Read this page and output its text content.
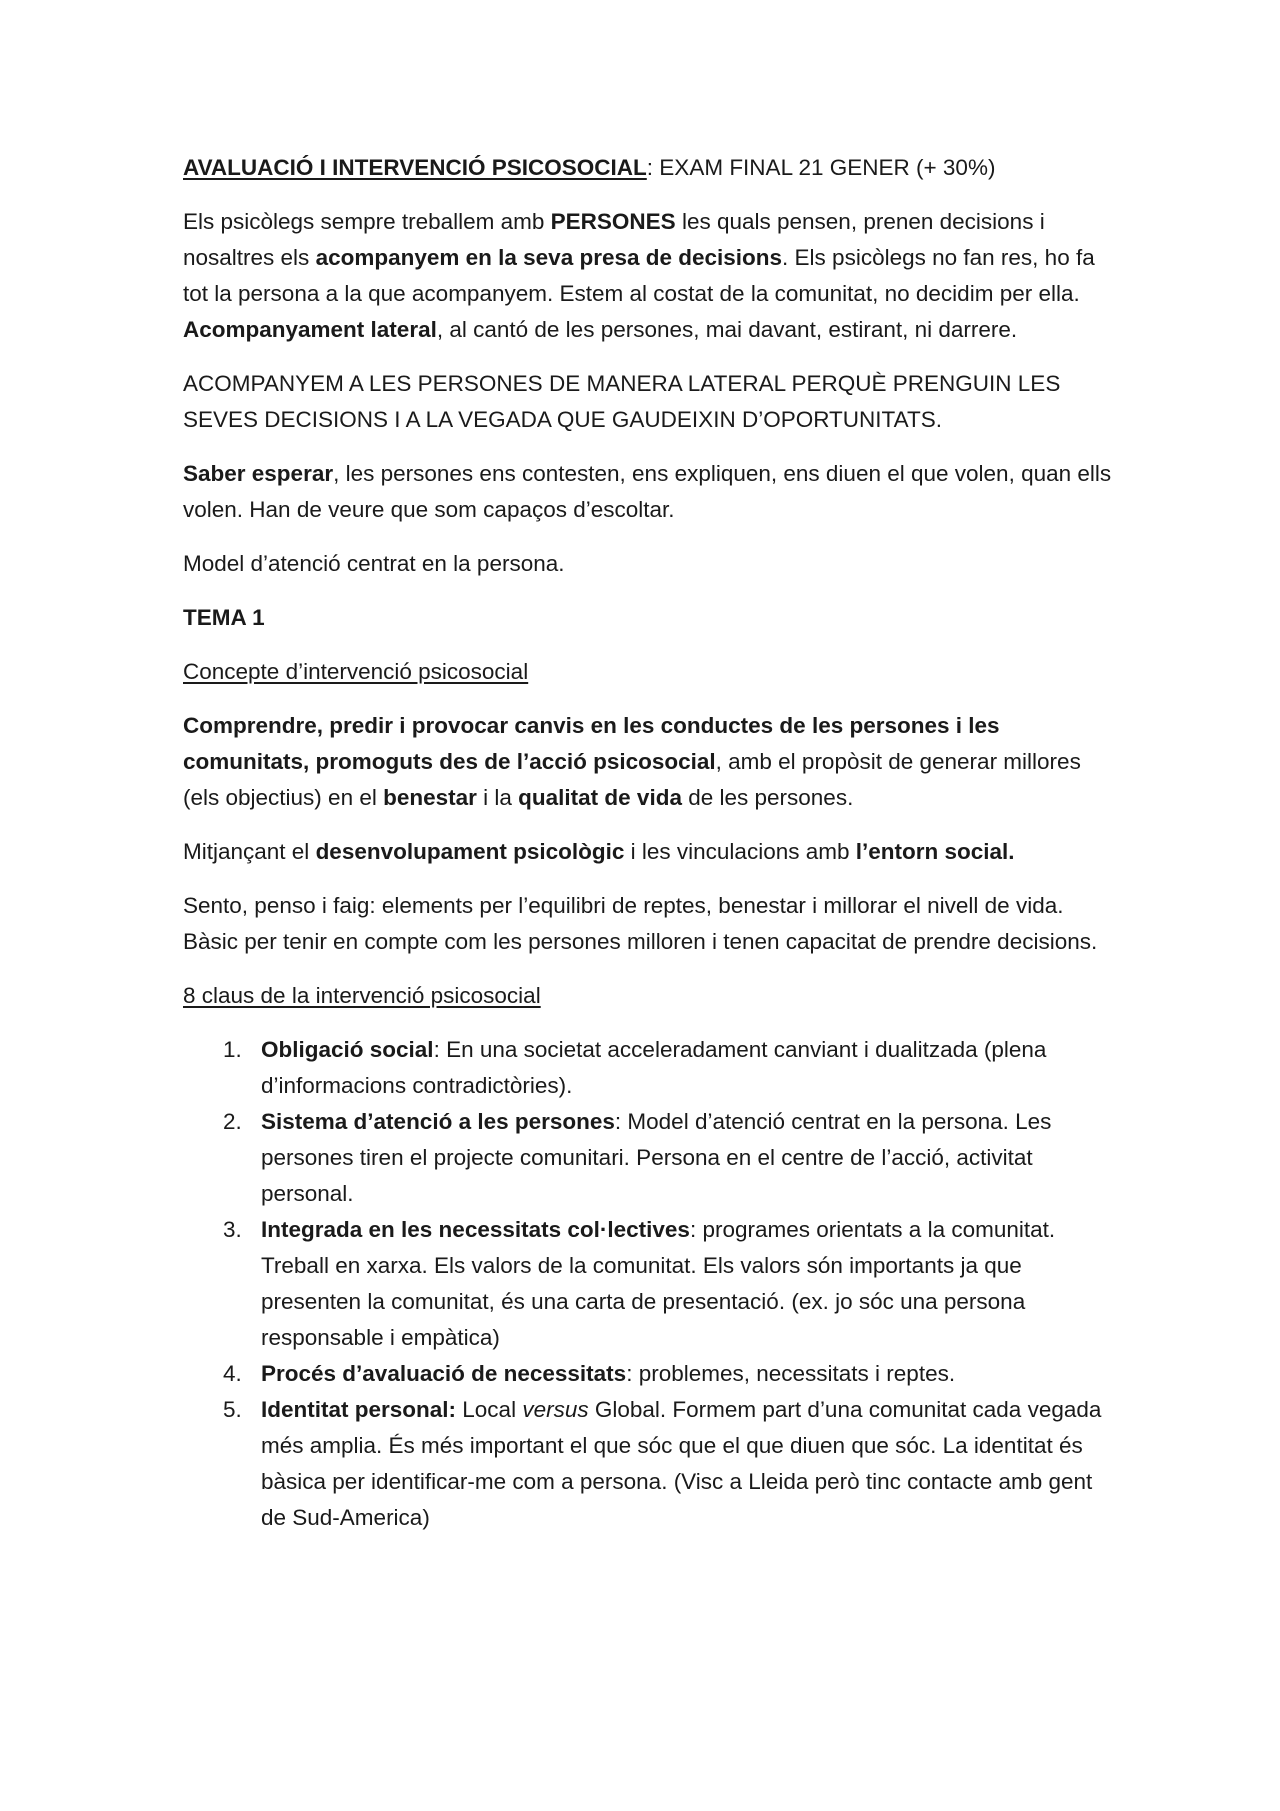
AVALUACIÓ I INTERVENCIÓ PSICOSOCIAL: EXAM FINAL 21 GENER (+ 30%)

Els psicòlegs sempre treballem amb PERSONES les quals pensen, prenen decisions i nosaltres els acompanyem en la seva presa de decisions. Els psicòlegs no fan res, ho fa tot la persona a la que acompanyem. Estem al costat de la comunitat, no decidim per ella. Acompanyament lateral, al cantó de les persones, mai davant, estirant, ni darrere.

ACOMPANYEM A LES PERSONES DE MANERA LATERAL PERQUÈ PRENGUIN LES SEVES DECISIONS I A LA VEGADA QUE GAUDEIXIN D’OPORTUNITATS.

Saber esperar, les persones ens contesten, ens expliquen, ens diuen el que volen, quan ells volen. Han de veure que som capaços d’escoltar.

Model d’atenció centrat en la persona.

TEMA 1

Concepte d’intervenció psicosocial

Comprendre, predir i provocar canvis en les conductes de les persones i les comunitats, promoguts des de l’acció psicosocial, amb el propòsit de generar millores (els objectius) en el benestar i la qualitat de vida de les persones.

Mitjançant el desenvolupament psicològic i les vinculacions amb l’entorn social.

Sento, penso i faig: elements per l’equilibri de reptes, benestar i millorar el nivell de vida. Bàsic per tenir en compte com les persones milloren i tenen capacitat de prendre decisions.

8 claus de la intervenció psicosocial

1. Obligació social: En una societat acceleradament canviant i dualitzada (plena d’informacions contradictòries).
2. Sistema d’atenció a les persones: Model d’atenció centrat en la persona. Les persones tiren el projecte comunitari. Persona en el centre de l’acció, activitat personal.
3. Integrada en les necessitats col·lectives: programes orientats a la comunitat. Treball en xarxa. Els valors de la comunitat. Els valors són importants ja que presenten la comunitat, és una carta de presentació. (ex. jo sóc una persona responsable i empàtica)
4. Procés d’avaluació de necessitats: problemes, necessitats i reptes.
5. Identitat personal: Local versus Global. Formem part d’una comunitat cada vegada més amplia. És més important el que sóc que el que diuen que sóc. La identitat és bàsica per identificar-me com a persona. (Visc a Lleida però tinc contacte amb gent de Sud-America)
